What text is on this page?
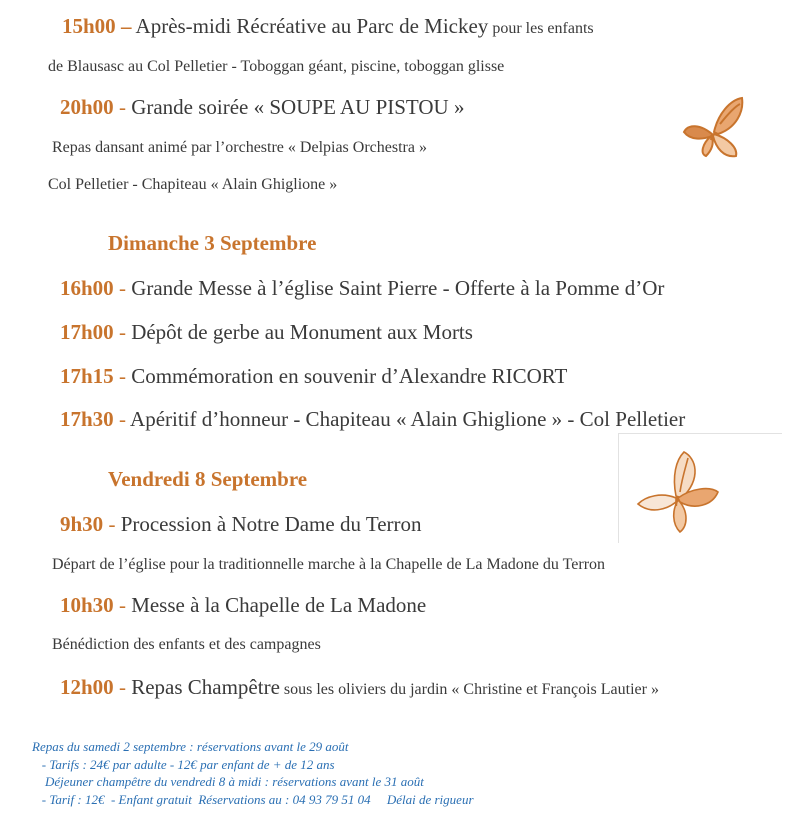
15h00 – Après-midi Récréative au Parc de Mickey pour les enfants
de Blausasc au Col Pelletier - Toboggan géant, piscine, toboggan glisse
20h00 - Grande soirée « SOUPE AU PISTOU »
Repas dansant animé par l’orchestre « Delpias Orchestra »
Col Pelletier - Chapiteau « Alain Ghiglione »
Dimanche 3 Septembre
16h00 - Grande Messe à l’église Saint Pierre - Offerte à la Pomme d’Or
17h00 - Dépôt de gerbe au Monument aux Morts
17h15 - Commémoration en souvenir d’Alexandre RICORT
17h30 - Apéritif d’honneur - Chapiteau « Alain Ghiglione » - Col Pelletier
Vendredi 8 Septembre
9h30 - Procession à Notre Dame du Terron
Départ de l’église pour la traditionnelle marche à la Chapelle de La Madone du Terron
10h30 - Messe à la Chapelle de La Madone
Bénédiction des enfants et des campagnes
12h00 - Repas Champêtre sous les oliviers du jardin « Christine et François Lautier »
Repas du samedi 2 septembre : réservations avant le 29 août
- Tarifs : 24€ par adulte - 12€ par enfant de + de 12 ans
Déjeuner champêtre du vendredi 8 à midi : réservations avant le 31 août
- Tarif : 12€  - Enfant gratuit  Réservations au : 04 93 79 51 04     Délai de rigueur
